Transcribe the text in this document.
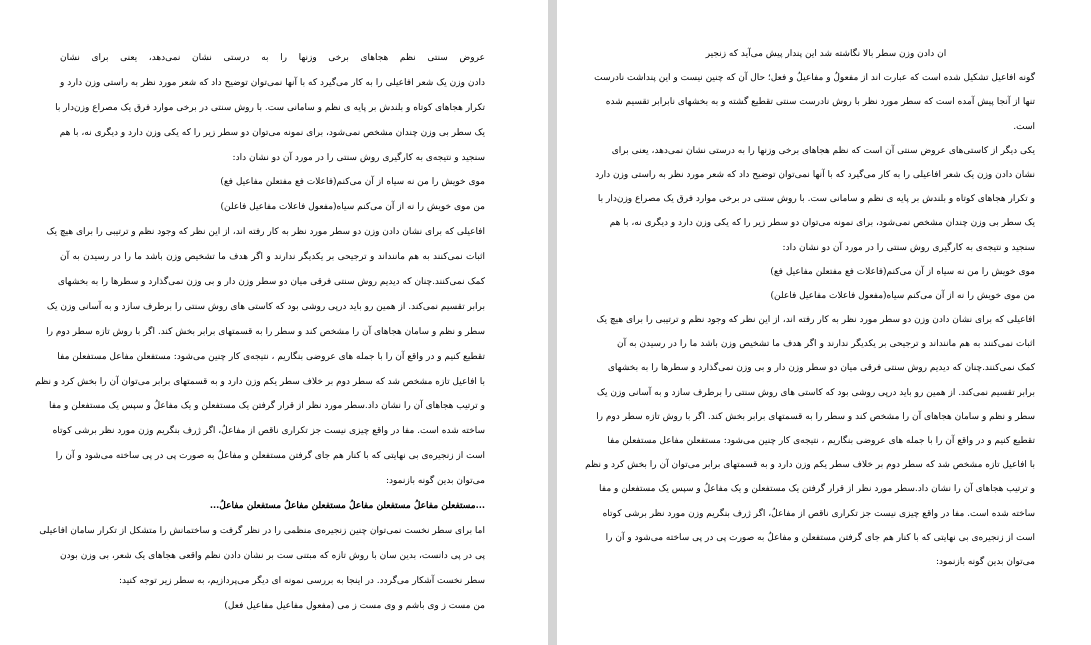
عروض سنتی نظم هجاهای برخی وزنها را به درستی نشان نمی‌دهد، یعنی برای نشان
دادن وزن یک شعر افاعیلی را به کار می‌گیرد که با آنها نمی‌توان توضیح داد که شعر مورد نظر به راستی وزن دارد و
تکرار هجاهای کوتاه و بلندش بر پایه ی نظم و سامانی ست. با روش سنتی در برخی موارد فرق یک مصراع وزن‌دار با
یک سطر بی وزن چندان مشخص نمی‌شود، برای نمونه می‌توان دو سطر زیر را که یکی وزن دارد و دیگری نه، با هم
سنجید و نتیجه‌ی به کارگیری روش سنتی را در مورد آن دو نشان داد:
موی خویش را من نه سیاه از آن می‌کنم(فاعلات فع مفتعلن مفاعیل فع)
من موی خویش را نه از آن می‌کنم سیاه(مفعول فاعلات مفاعیل فاعلن)
افاعیلی که برای نشان دادن وزن دو سطر مورد نظر به کار رفته اند، از این نظر که وجود نظم و ترتیبی را برای هیچ یک
اثبات نمی‌کنند به هم مانند‌اند و ترجیحی بر یکدیگر ندارند و اگر هدف ما تشخیص وزن باشد ما را در رسیدن به آن
کمک نمی‌کنند.چنان که دیدیم روش سنتی فرقی میان دو سطر وزن دار و بی وزن نمی‌گذارد و سطرها را به بخشهای
برابر تقسیم نمی‌کند. از همین رو باید درپی روشی بود که کاستی های روش سنتی را برطرف سازد و به آسانی وزن یک
سطر و نظم و سامان هجاهای آن را مشخص کند و سطر را به قسمتهای برابر بخش کند. اگر با روش تازه سطر دوم را
تقطیع کنیم و در واقع آن را با جمله های عروضی بنگاریم ، نتیجه‌ی کار چنین می‌شود: مستفعلن مفاعل مستفعلن مفا
با افاعیل تازه مشخص شد که سطر دوم بر خلاف سطر یکم وزن دارد و به قسمتهای برابر می‌توان آن را بخش کرد و نظم
و ترتیب هجاهای آن را نشان داد.سطر مورد نظر از قرار گرفتن یک مستفعلن و یک مفاعلُ و سپس یک مستفعلن و مفا
ساخته شده است. مفا در واقع چیزی نیست جز تکراری ناقص از مفاعلُ، اگر ژرف بنگریم وزن مورد نظر برشی کوتاه
است از زنجیره‌ی بی نهایتی که با کنار هم جای گرفتن مستفعلن و مفاعلُ به صورت پی در پی ساخته می‌شود و آن را
می‌توان بدین گونه بازنمود:
...مستفعلن مفاعلُ مستفعلن مفاعلُ مستفعلن مفاعلُ مستفعلن مفاعلُ...
اما برای سطر نخست نمی‌توان چنین زنجیره‌ی منظمی را در نظر گرفت و ساختمانش را متشکل از تکرار سامان افاعیلی
پی در پی دانست، بدین سان با روش تازه که مبتنی ست بر نشان دادن نظم واقعی هجاهای یک شعر، بی وزن بودن
سطر نخست آشکار می‌گردد. در اینجا به بررسی نمونه ای دیگر می‌پردازیم، به سطر زیر توجه کنید:
من مست ز وی باشم و وی مست ز می (مفعول مفاعیل مفاعیل فعل)
ان دادن وزن سطر بالا نگاشته شد این پندار پیش می‌آید که زنجیر
گونه افاعیل تشکیل شده است که عبارت اند از مفعولُ و مفاعیلُ و فعل؛ حال آن که چنین نیست و این پنداشت نادرست
تنها از آنجا پیش آمده است که سطر مورد نظر با روش نادرست سنتی تقطیع گشته و به بخشهای نابرابر تقسیم شده
است.
یکی دیگر از کاستی‌های عروض سنتی آن است که نظم هجاهای برخی وزنها را به درستی نشان نمی‌دهد، یعنی برای
نشان دادن وزن یک شعر افاعیلی را به کار می‌گیرد که با آنها نمی‌توان توضیح داد که شعر مورد نظر به راستی وزن دارد
و تکرار هجاهای کوتاه و بلندش بر پایه ی نظم و سامانی ست. با روش سنتی در برخی موارد فرق یک مصراع وزن‌دار با
یک سطر بی وزن چندان مشخص نمی‌شود، برای نمونه می‌توان دو سطر زیر را که یکی وزن دارد و دیگری نه، با هم
سنجید و نتیجه‌ی به کارگیری روش سنتی را در مورد آن دو نشان داد:
موی خویش را من نه سیاه از آن می‌کنم(فاعلات فع مفتعلن مفاعیل فع)
من موی خویش را نه از آن می‌کنم سیاه(مفعول فاعلات مفاعیل فاعلن)
افاعیلی که برای نشان دادن وزن دو سطر مورد نظر به کار رفته اند، از این نظر که وجود نظم و ترتیبی را برای هیچ یک
اثبات نمی‌کنند به هم مانند‌اند و ترجیحی بر یکدیگر ندارند و اگر هدف ما تشخیص وزن باشد ما را در رسیدن به آن
کمک نمی‌کنند.چنان که دیدیم روش سنتی فرقی میان دو سطر وزن دار و بی وزن نمی‌گذارد و سطرها را به بخشهای
برابر تقسیم نمی‌کند. از همین رو باید درپی روشی بود که کاستی های روش سنتی را برطرف سازد و به آسانی وزن یک
سطر و نظم و سامان هجاهای آن را مشخص کند و سطر را به قسمتهای برابر بخش کند. اگر با روش تازه سطر دوم را
تقطیع کنیم و در واقع آن را با جمله های عروضی بنگاریم ، نتیجه‌ی کار چنین می‌شود: مستفعلن مفاعل مستفعلن مفا
با افاعیل تازه مشخص شد که سطر دوم بر خلاف سطر یکم وزن دارد و به قسمتهای برابر می‌توان آن را بخش کرد و نظم
و ترتیب هجاهای آن را نشان داد.سطر مورد نظر از قرار گرفتن یک مستفعلن و یک مفاعلُ و سپس یک مستفعلن و مفا
ساخته شده است. مفا در واقع چیزی نیست جز تکراری ناقص از مفاعلُ، اگر ژرف بنگریم وزن مورد نظر برشی کوتاه
است از زنجیره‌ی بی نهایتی که با کنار هم جای گرفتن مستفعلن و مفاعلُ به صورت پی در پی ساخته می‌شود و آن را
می‌توان بدین گونه بازنمود:
